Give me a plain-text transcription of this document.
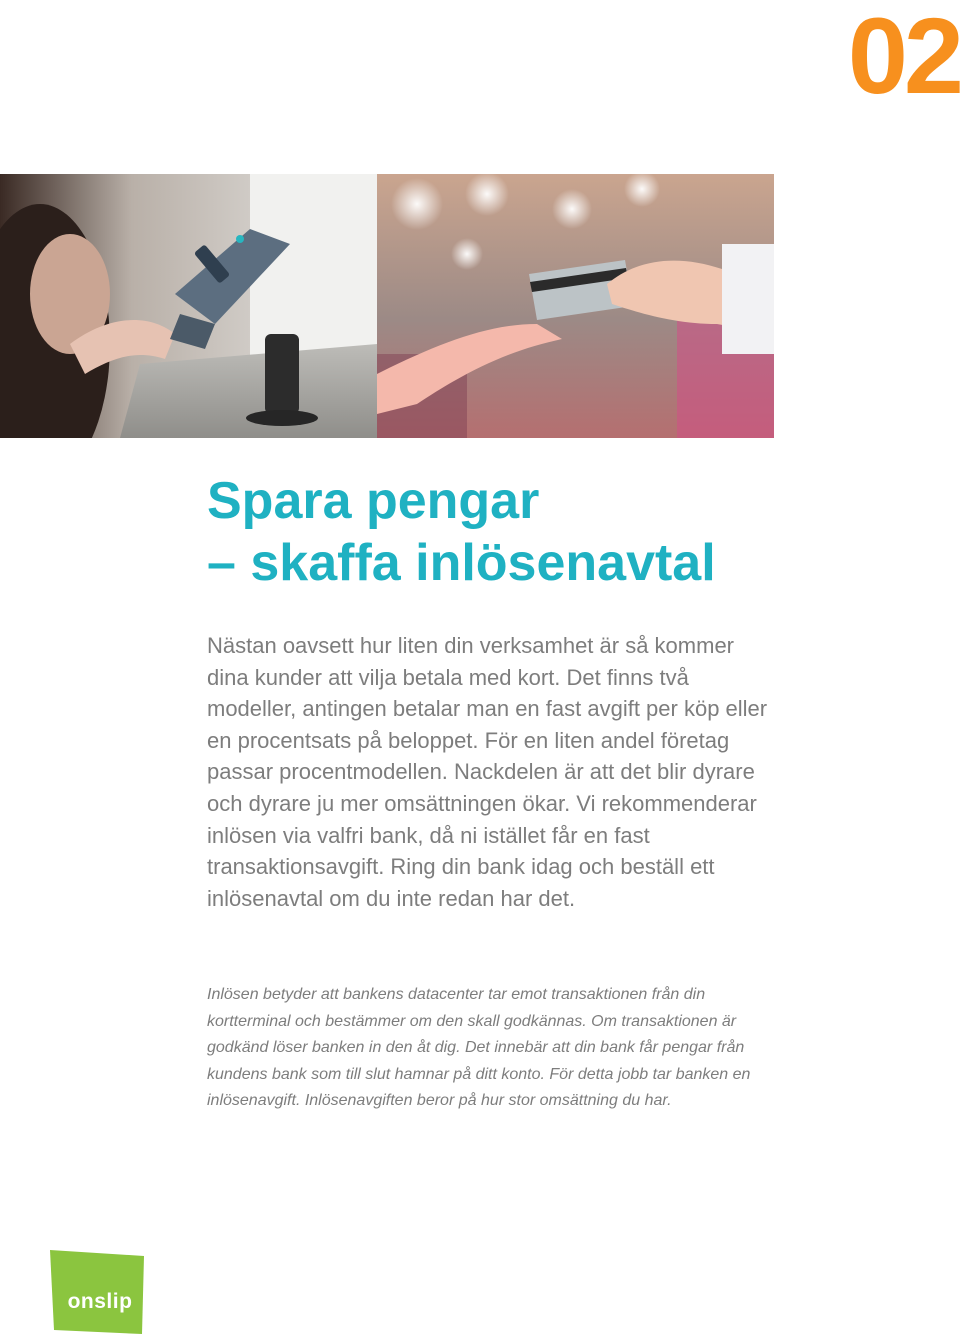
02
Spara pengar
– skaffa inlösenavtal

Nästan oavsett hur liten din verksamhet är så kommer dina kunder att vilja betala med kort. Det finns två modeller, antingen betalar man en fast avgift per köp eller en procentsats på beloppet. För en liten andel företag passar procentmodellen. Nackdelen är att det blir dyrare och dyrare ju mer omsättningen ökar. Vi rekommenderar inlösen via valfri bank, då ni istället får en fast transaktionsavgift. Ring din bank idag och beställ ett inlösenavtal om du inte redan har det.

Inlösen betyder att bankens datacenter tar emot transaktionen från din kortterminal och bestämmer om den skall godkännas. Om transaktionen är godkänd löser banken in den åt dig. Det innebär att din bank får pengar från kundens bank som till slut hamnar på ditt konto. För detta jobb tar banken en inlösenavgift. Inlösenavgiften beror på hur stor omsättning du har.

onslip
